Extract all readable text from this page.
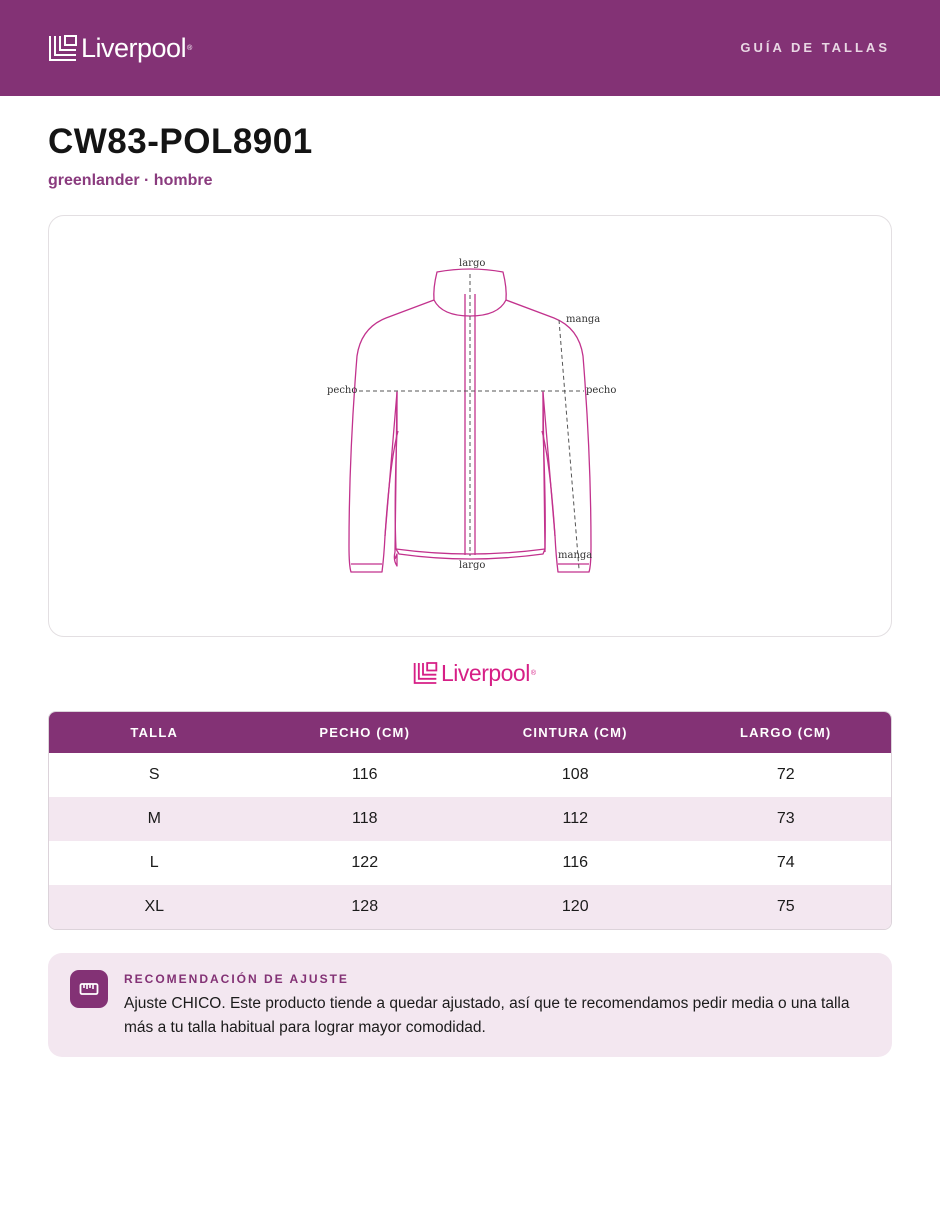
Liverpool ®	GUÍA DE TALLAS
CW83-POL8901
greenlander · hombre
largo
largo
manga
manga
pecho	pecho
Liverpool ®
TALLA	PECHO (CM)	CINTURA (CM)	LARGO (CM)
S	116	108	72
M	118	112	73
L	122	116	74
XL	128	120	75
RECOMENDACIÓN DE AJUSTE
Ajuste CHICO. Este producto tiende a quedar ajustado, así que te recomendamos pedir media o una talla más a tu talla habitual para lograr mayor comodidad.
